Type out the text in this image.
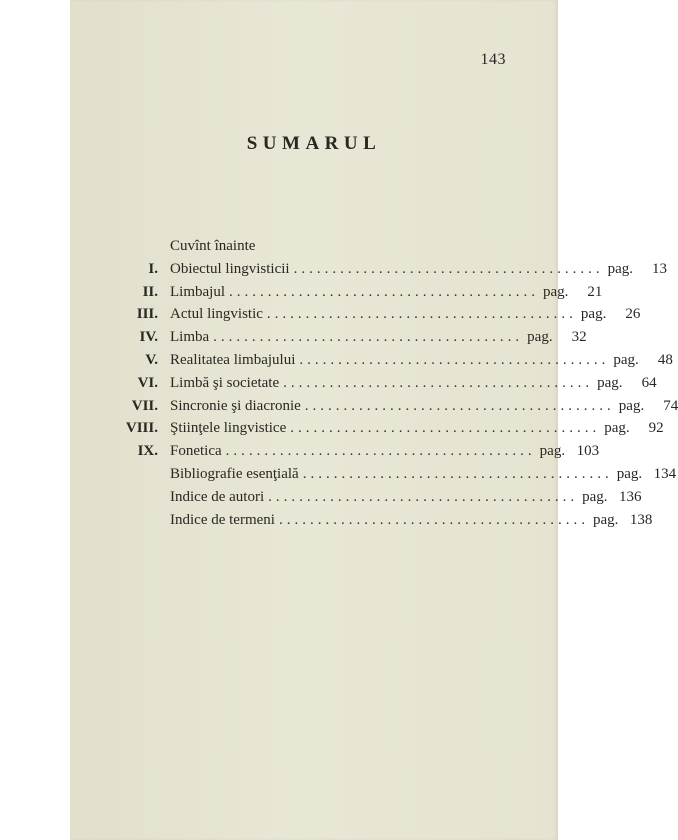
143
SUMARUL
Cuvînt înainte
I. Obiectul lingvisticii ........................................ pag.	13
II. Limbajul ........................................ pag.	21
III. Actul lingvistic ........................................ pag.	26
IV. Limba ........................................ pag.	32
V. Realitatea limbajului ........................................ pag.	48
VI. Limbă şi societate ........................................ pag.	64
VII. Sincronie şi diacronie ........................................ pag.	74
VIII. Ştiinţele lingvistice ........................................ pag.	92
IX. Fonetica ........................................ pag. 103
Bibliografie esenţială ........................................ pag. 134
Indice de autori ........................................ pag. 136
Indice de termeni ........................................ pag. 138
